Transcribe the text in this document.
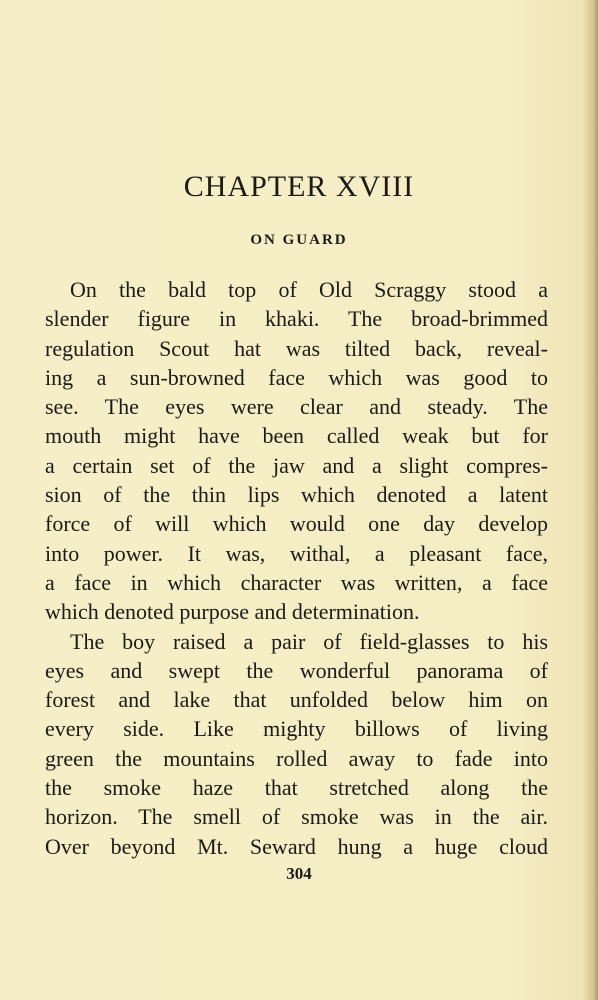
CHAPTER XVIII
ON GUARD
On the bald top of Old Scraggy stood a
slender figure in khaki. The broad-brimmed
regulation Scout hat was tilted back, reveal-
ing a sun-browned face which was good to
see. The eyes were clear and steady. The
mouth might have been called weak but for
a certain set of the jaw and a slight compres-
sion of the thin lips which denoted a latent
force of will which would one day develop
into power. It was, withal, a pleasant face,
a face in which character was written, a face
which denoted purpose and determination.
The boy raised a pair of field-glasses to his
eyes and swept the wonderful panorama of
forest and lake that unfolded below him on
every side. Like mighty billows of living
green the mountains rolled away to fade into
the smoke haze that stretched along the
horizon. The smell of smoke was in the air.
Over beyond Mt. Seward hung a huge cloud
304
